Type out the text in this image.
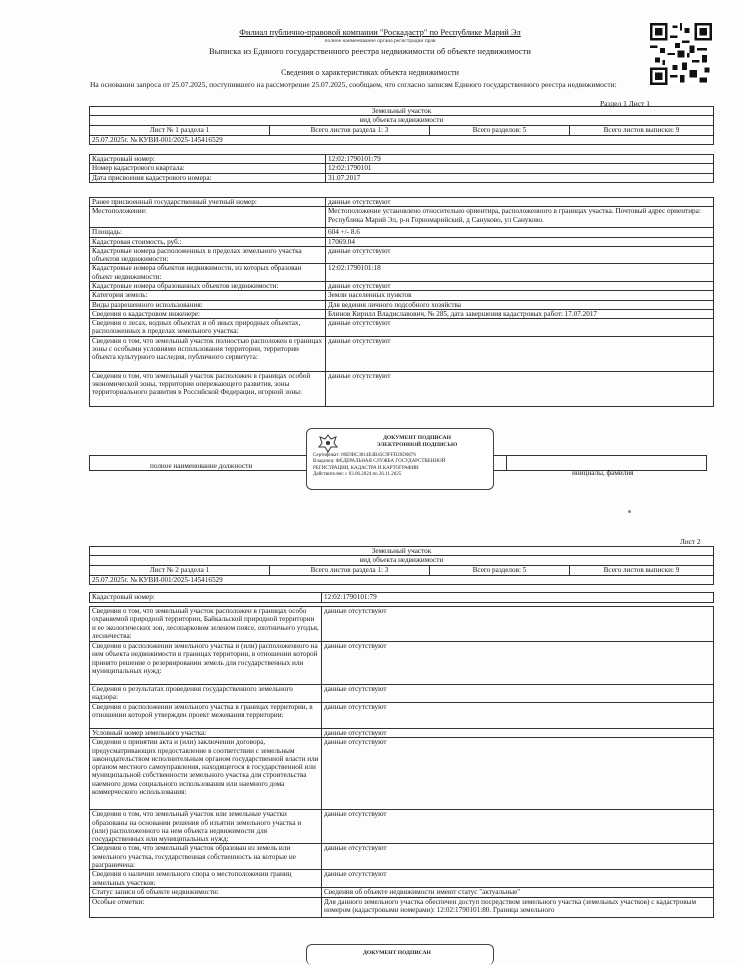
Филиал публично-правовой компании "Роскадастр" по Республике Марий Эл
полное наименование органа регистрации прав
Выписка из Единого государственного реестра недвижимости об объекте недвижимости
Сведения о характеристиках объекта недвижимости
На основании запроса от 25.07.2025, поступившего на рассмотрение 25.07.2025, сообщаем, что согласно записям Единого государственного реестра недвижимости:
Раздел 1 Лист 1
Земельный участок
вид объекта недвижимости
Лист № 1 раздела 1	Всего листов раздела 1: 3	Всего разделов: 5	Всего листов выписки: 9
25.07.2025г. № КУВИ-001/2025-145416529
Кадастровый номер:	12:02:1790101:79
Номер кадастрового квартала:	12:02:1790101
Дата присвоения кадастрового номера:	31.07.2017
Ранее присвоенный государственный учетный номер:	данные отсутствуют
Местоположение:	Местоположение установлено относительно ориентира, расположенного в границах участка. Почтовый адрес ориентира: Республика Марий Эл, р-н Горномарийский, д Сануково, ул Сануково.
Площадь:	604 +/- 8.6
Кадастровая стоимость, руб.:	17069.04
Кадастровые номера расположенных в пределах земельного участка объектов недвижимости:	данные отсутствуют
Кадастровые номера объектов недвижимости, из которых образован объект недвижимости:	12:02:1790101:18
Кадастровые номера образованных объектов недвижимости:	данные отсутствуют
Категория земель:	Земли населенных пунктов
Виды разрешенного использования:	Для ведения личного подсобного хозяйства
Сведения о кадастровом инженере:	Блинов Кирилл Владиславович, № 285, дата завершения кадастровых работ: 17.07.2017
Сведения о лесах, водных объектах и об иных природных объектах, расположенных в пределах земельного участка:	данные отсутствуют
Сведения о том, что земельный участок полностью расположен в границах зоны с особыми условиями использования территории, территории объекта культурного наследия, публичного сервитута:	данные отсутствуют
Сведения о том, что земельный участок расположен в границах особой экономической зоны, территории опережающего развития, зоны территориального развития в Российской Федерации, игорной зоны:	данные отсутствуют
полное наименование должности
инициалы, фамилия
ДОКУМЕНТ ПОДПИСАН
ЭЛЕКТРОННОЙ ПОДПИСЬЮ
Сертификат: 00E9BC3814E4B45C9FFD20D0876
Владелец: ФЕДЕРАЛЬНАЯ СЛУЖБА ГОСУДАРСТВЕННОЙ
РЕГИСТРАЦИИ, КАДАСТРА И КАРТОГРАФИИ
Действителен: с 03.06.2024 по 26.11.2025
Лист 2
Земельный участок
вид объекта недвижимости
Лист № 2 раздела 1	Всего листов раздела 1: 3	Всего разделов: 5	Всего листов выписки: 9
25.07.2025г. № КУВИ-001/2025-145416529
Кадастровый номер:	12:02:1790101:79
Сведения о том, что земельный участок расположен в границах особо охраняемой природной территории, Байкальской природной территории и ее экологических зон, лесопарковом зеленом поясе, охотничьего угодья, лесничества:	данные отсутствуют
Сведения о расположении земельного участка и (или) расположенного на нем объекта недвижимости в границах территории, в отношении которой принято решение о резервировании земель для государственных или муниципальных нужд:	данные отсутствуют
Сведения о результатах проведения государственного земельного надзора:	данные отсутствуют
Сведения о расположении земельного участка в границах территории, в отношении которой утвержден проект межевания территории:	данные отсутствуют
Условный номер земельного участка:	данные отсутствуют
Сведения о принятии акта и (или) заключении договора, предусматривающих предоставление в соответствии с земельным законодательством исполнительным органом государственной власти или органом местного самоуправления, находящегося в государственной или муниципальной собственности земельного участка для строительства наемного дома социального использования или наемного дома коммерческого использования:	данные отсутствуют
Сведения о том, что земельный участок или земельные участки образованы на основании решения об изъятии земельного участка и (или) расположенного на нем объекта недвижимости для государственных или муниципальных нужд:	данные отсутствуют
Сведения о том, что земельный участок образован из земель или земельного участка, государственная собственность на которые не разграничена:	данные отсутствуют
Сведения о наличии земельного спора о местоположении границ земельных участков:	данные отсутствуют
Статус записи об объекте недвижимости:	Сведения об объекте недвижимости имеют статус "актуальные"
Особые отметки:	Для данного земельного участка обеспечен доступ посредством земельного участка (земельных участков) с кадастровым номером (кадастровыми номерами): 12:02:1790101:80. Граница земельного
ДОКУМЕНТ ПОДПИСАН
